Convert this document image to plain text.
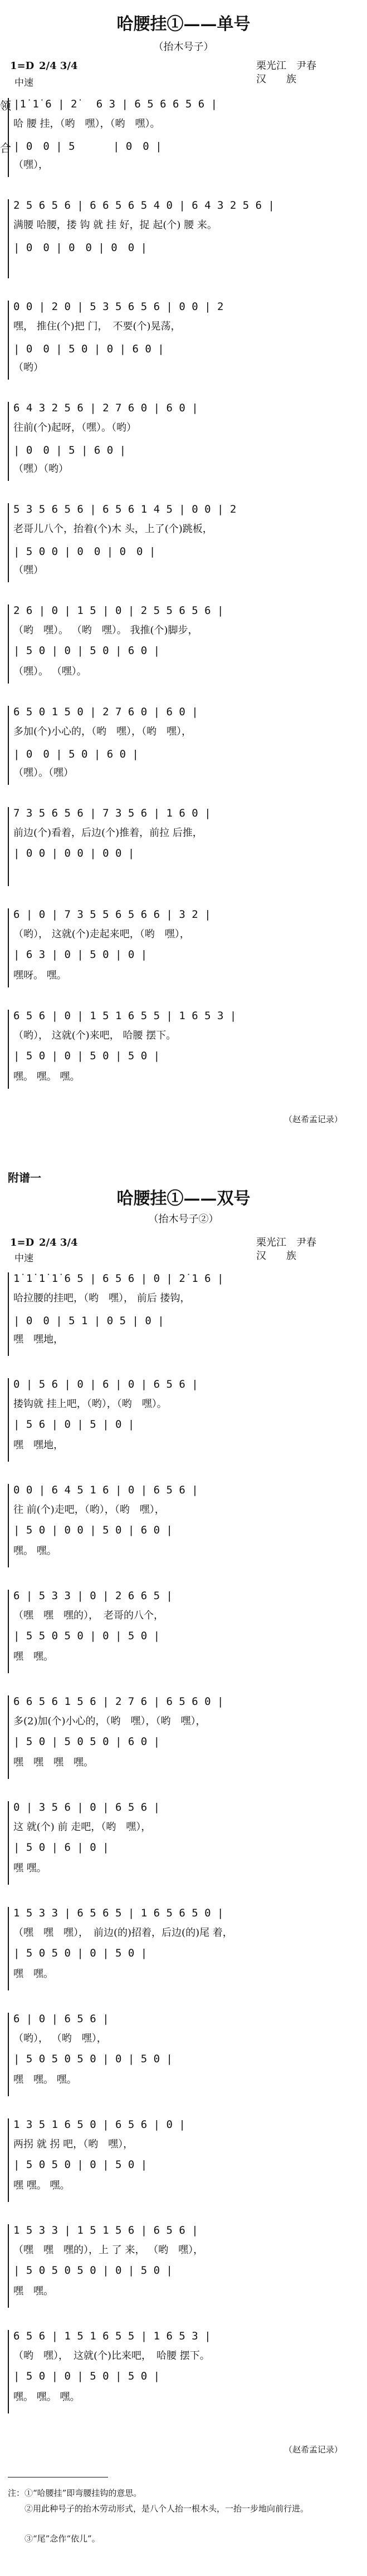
哈腰挂①——单号
（抬木号子）
栗光江　尹春
汉　　族
1=D 2/4 3/4
中速
|1̇ 1̇ 6 | 2̇   6 3 | 6 5 6 6 5 6 |
哈 腰 挂，（哟　嘿），（哟　嘿）。
| 0　0 | 5 　　　| 0　0 |
（嘿），
2 5 6 5 6 | 6 6 5 6 5 4 0 | 6 4 3 2 5 6 |
满腰 哈腰，搂 钩 就 挂 好，捉 起(个) 腰 来。
| 0　0 | 0　0 | 0　0 |
0 0 | 2 0 | 5 3 5 6 5 6 | 0 0 | 2
嘿， 推住(个)把 门，　不要(个)晃荡，
| 0　0 | 5 0 | 0 | 6 0 |
（哟）
6 4 3 2 5 6 | 2 7 6 0 | 6 0 |
往前(个)起呀，（嘿）。（哟）
| 0　0 | 5 | 6 0 |
（嘿）（哟）
5 3 5 6 5 6 | 6 5 6 1 4 5 | 0 0 | 2
老哥儿八个，抬着(个)木 头，上了(个)跳板，
| 5 0 0 | 0　0 | 0　0 |
（嘿）
2 6 | 0 | 1 5 | 0 | 2 5 5 6 5 6 |
（哟　嘿）。 （哟　嘿）。 我推(个)脚步，
| 5 0 | 0 | 5 0 | 6 0 |
（嘿）。 （嘿）。
6 5 0 1 5 0 | 2 7 6 0 | 6 0 |
多加(个)小心的，（哟　嘿），（哟　嘿），
| 0　0 | 5 0 | 6 0 |
（嘿）。（嘿）
7 3 5 6 5 6 | 7 3 5 6 | 1 6 0 |
前边(个)看着，后边(个)推着，前拉 后推，
| 0 0 | 0 0 | 0 0 |
6 | 0 | 7 3 5 5 6 5 6 6 | 3 2 |
（哟）， 这就(个)走起来吧，（哟　嘿），
| 6 3 | 0 | 5 0 | 0 |
嘿呀。 嘿。
6 5 6 | 0 | 1 5 1 6 5 5 | 1 6 5 3 |
（哟）， 这就(个)来吧， 哈腰 摆下。
| 5 0 | 0 | 5 0 | 5 0 |
嘿。 嘿。 嘿。
（赵希孟记录）
附谱一
哈腰挂①——双号
（抬木号子②）
栗光江　尹春
汉　　族
1=D 2/4 3/4
中速
1̇ 1̇ 1̇ 1̇ 6 5 | 6 5 6 | 0 | 2̇ 1 6 |
哈拉腰的挂吧，（哟　嘿）， 前后 搂钩，
| 0　0 | 5 1 | 0 5 | 0 |
嘿　嘿地，
0 | 5 6 | 0 | 6 | 0 | 6 5 6 |
搂钩就 挂上吧，（哟），（哟　嘿）。
| 5 6 | 0 | 5 | 0 |
嘿　嘿地，
0 0 | 6 4 5 1 6 | 0 | 6 5 6 |
往 前(个)走吧，（哟），（哟　嘿），
| 5 0 | 0 0 | 5 0 | 6 0 |
嘿。 嘿。
6 | 5 3 3 | 0 | 2 6 6 5 |
（嘿　嘿　嘿的），　老哥的八个，
| 5 5 0 5 0 | 0 | 5 0 |
嘿　嘿。
6 6 5 6 1 5 6 | 2 7 6 | 6 5 6 0 |
多(2)加(个)小心的，（哟　嘿），（哟　嘿），
| 5 0 | 5 0 5 0 | 6 0 |
嘿　嘿　嘿　嘿。
0 | 3 5 6 | 0 | 6 5 6 |
这 就(个) 前 走吧，（哟　嘿），
| 5 0 | 6 | 0 |
嘿 嘿。
1 5 3 3 | 6 5 6 5 | 1 6 5 6 5 0 |
（嘿　嘿　嘿），　前边(的)招着，后边(的)尾 着，
| 5 0 5 0 | 0 | 5 0 |
嘿　嘿。
6 | 0 | 6 5 6 |
（哟）， （哟　嘿），
| 5 0 5 0 5 0 | 0 | 5 0 |
嘿　嘿。 嘿。
1 3 5 1 6 5 0 | 6 5 6 | 0 |
两拐 就 拐 吧，（哟　嘿），
| 5 0 5 0 | 0 | 5 0 |
嘿 嘿。 嘿。
1 5 3 3 | 1 5 1 5 6 | 6 5 6 |
（嘿　嘿　嘿的），上 了 来， （哟　嘿），
| 5 0 5 0 5 0 | 0 | 5 0 |
嘿　嘿。
6 5 6 | 1 5 1 6 5 5 | 1 6 5 3 |
（哟　嘿），　这就(个)比来吧，　哈腰 摆下。
| 5 0 | 0 | 5 0 | 5 0 |
嘿。 嘿。 嘿。
（赵希孟记录）
注：①“哈腰挂”即弯腰挂钩的意思。
②用此种号子的抬木劳动形式，是八个人抬一根木头，一抬一步地向前行进。
③“尾”念作“依儿”。
领
合
